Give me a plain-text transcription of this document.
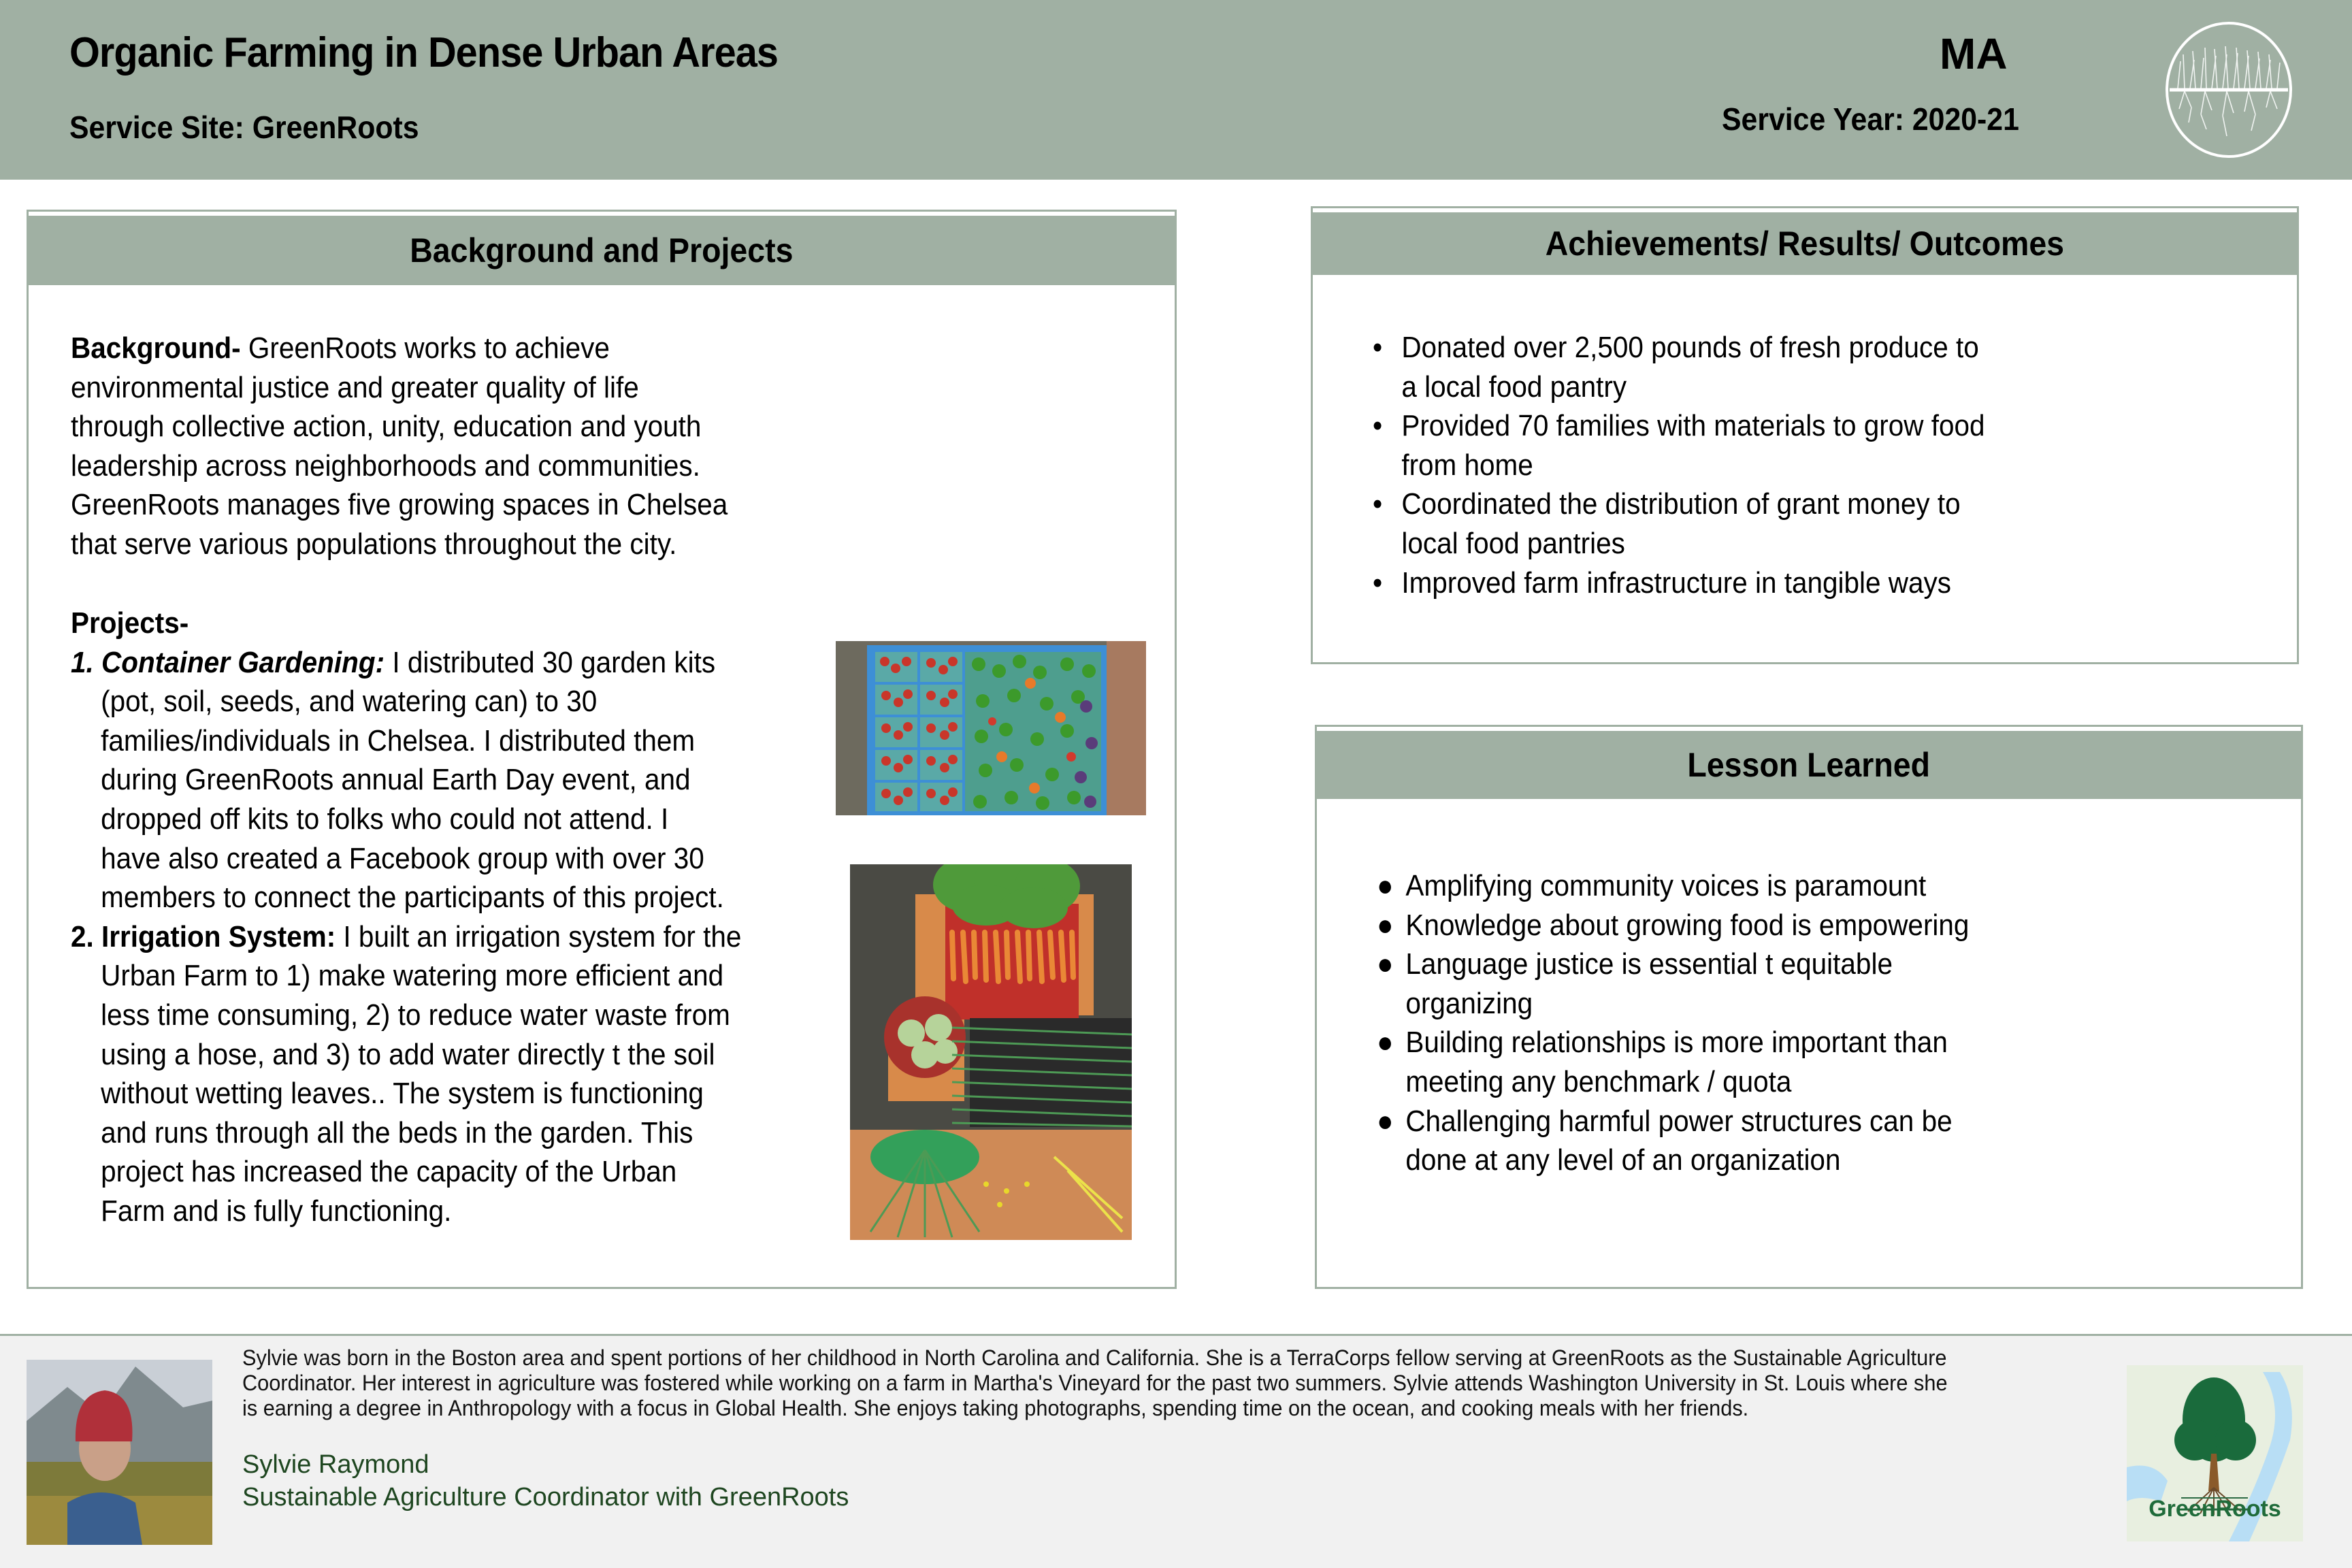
Organic Farming in Dense Urban Areas
Service Site: GreenRoots
MA
Service Year: 2020-21
Background and Projects
Background- GreenRoots works to achieve
environmental justice and greater quality of life
through collective action, unity, education and youth
leadership across neighborhoods and communities.
GreenRoots manages five growing spaces in Chelsea
that serve various populations throughout the city.
Projects-
1. Container Gardening: I distributed 30 garden kits
(pot, soil, seeds, and watering can) to 30
families/individuals in Chelsea. I distributed them
during GreenRoots annual Earth Day event, and
dropped off kits to folks who could not attend. I
have also created a Facebook group with over 30
members to connect the participants of this project.
2. Irrigation System: I built an irrigation system for the
Urban Farm to 1) make watering more efficient and
less time consuming, 2) to reduce water waste from
using a hose, and 3) to add water directly t the soil
without wetting leaves.. The system is functioning
and runs through all the beds in the garden. This
project has increased the capacity of the Urban
Farm and is fully functioning.
Achievements/ Results/ Outcomes
• Donated over 2,500 pounds of fresh produce to
a local food pantry
• Provided 70 families with materials to grow food
from home
• Coordinated the distribution of grant money to
local food pantries
• Improved farm infrastructure in tangible ways
Lesson Learned
● Amplifying community voices is paramount
● Knowledge about growing food is empowering
● Language justice is essential t equitable
organizing
● Building relationships is more important than
meeting any benchmark / quota
● Challenging harmful power structures can be
done at any level of an organization
Sylvie was born in the Boston area and spent portions of her childhood in North Carolina and California. She is a TerraCorps fellow serving at GreenRoots as the Sustainable Agriculture Coordinator. Her interest in agriculture was fostered while working on a farm in Martha's Vineyard for the past two summers. Sylvie attends Washington University in St. Louis where she is earning a degree in Anthropology with a focus in Global Health. She enjoys taking photographs, spending time on the ocean, and cooking meals with her friends.
Sylvie Raymond
Sustainable Agriculture Coordinator with GreenRoots	GreenRoots
